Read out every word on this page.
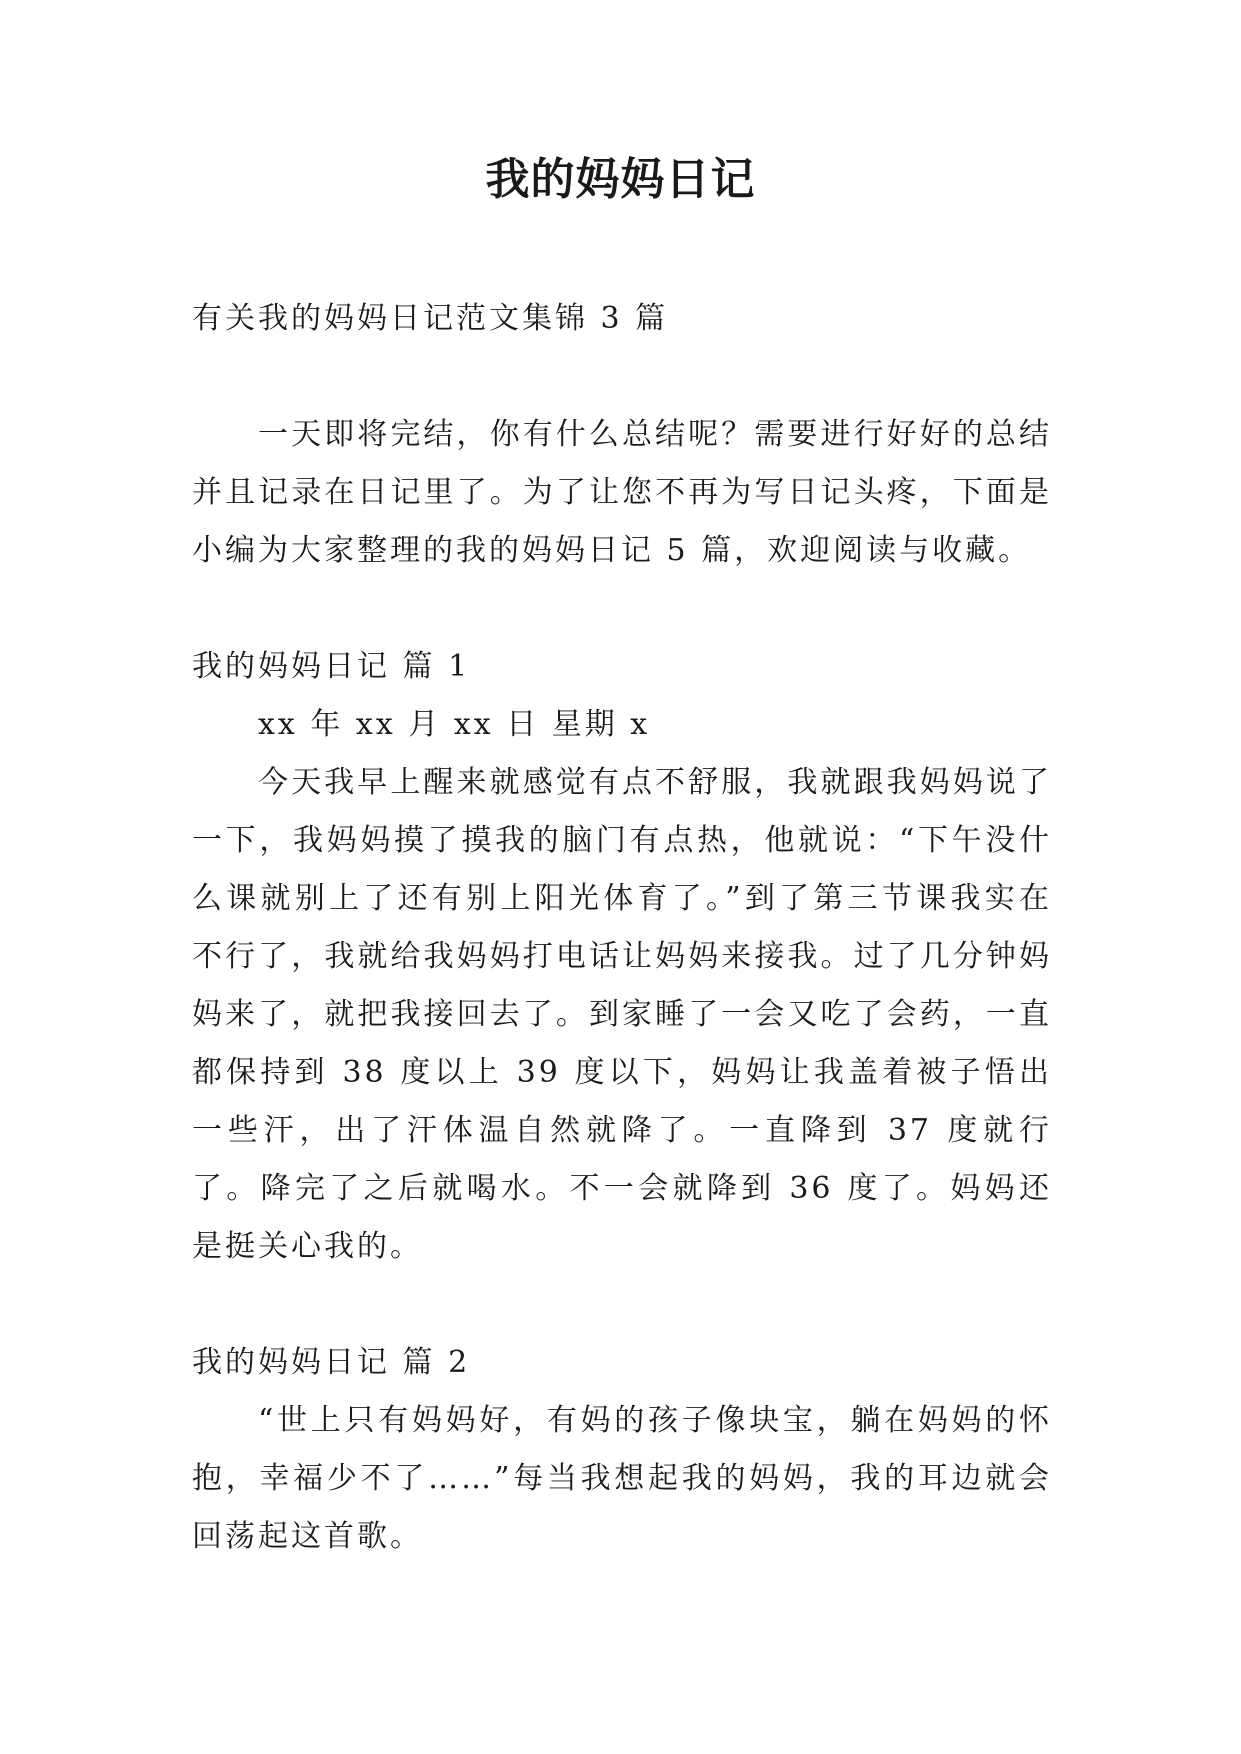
我的妈妈日记

有关我的妈妈日记范文集锦 3 篇

一天即将完结，你有什么总结呢？需要进行好好的总结并且记录在日记里了。为了让您不再为写日记头疼，下面是小编为大家整理的我的妈妈日记 5 篇，欢迎阅读与收藏。

我的妈妈日记 篇 1

xx 年 xx 月 xx 日 星期 x

今天我早上醒来就感觉有点不舒服，我就跟我妈妈说了一下，我妈妈摸了摸我的脑门有点热，他就说：“下午没什么课就别上了还有别上阳光体育了。”到了第三节课我实在不行了，我就给我妈妈打电话让妈妈来接我。过了几分钟妈妈来了，就把我接回去了。到家睡了一会又吃了会药，一直都保持到 38 度以上 39 度以下，妈妈让我盖着被子悟出一些汗，出了汗体温自然就降了。一直降到 37 度就行了。降完了之后就喝水。不一会就降到 36 度了。妈妈还是挺关心我的。

我的妈妈日记 篇 2

“世上只有妈妈好，有妈的孩子像块宝，躺在妈妈的怀抱，幸福少不了……”每当我想起我的妈妈，我的耳边就会回荡起这首歌。
